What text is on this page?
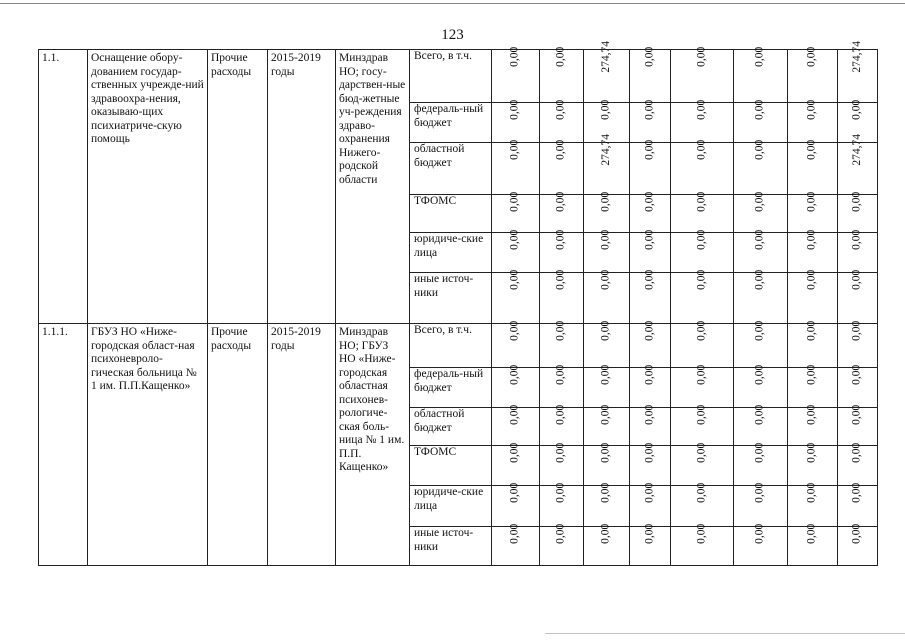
123
1.1.	Оснащение обору-дованием государ-ственных учрежде-ний здравоохра-нения, оказываю-щих психиатриче-скую помощь	Прочие расходы	2015-2019 годы	Минздрав НО; госу-дарствен-ные бюд-жетные уч-реждения здраво-охранения Нижего-родской области	Всего, в т.ч.	0,00	0,00	274,74	0,00	0,00	0,00	0,00	274,74

					федераль-ный бюджет	0,00	0,00	0,00	0,00	0,00	0,00	0,00	0,00

					областной бюджет	0,00	0,00	274,74	0,00	0,00	0,00	0,00	274,74

					ТФОМС	0,00	0,00	0,00	0,00	0,00	0,00	0,00	0,00

					юридиче-ские лица	0,00	0,00	0,00	0,00	0,00	0,00	0,00	0,00

					иные источ-ники	0,00	0,00	0,00	0,00	0,00	0,00	0,00	0,00

1.1.1.	ГБУЗ НО «Ниже-городская област-ная психоневроло-гическая больница № 1 им. П.П.Кащенко»	Прочие расходы	2015-2019 годы	Минздрав НО; ГБУЗ НО «Ниже-городская областная психонев-рологиче-ская боль-ница № 1 им. П.П. Кащенко»	Всего, в т.ч.	0,00	0,00	0,00	0,00	0,00	0,00	0,00	0,00

					федераль-ный бюджет	0,00	0,00	0,00	0,00	0,00	0,00	0,00	0,00

					областной бюджет	0,00	0,00	0,00	0,00	0,00	0,00	0,00	0,00

					ТФОМС	0,00	0,00	0,00	0,00	0,00	0,00	0,00	0,00

					юридиче-ские лица	0,00	0,00	0,00	0,00	0,00	0,00	0,00	0,00

					иные источ-ники	0,00	0,00	0,00	0,00	0,00	0,00	0,00	0,00
